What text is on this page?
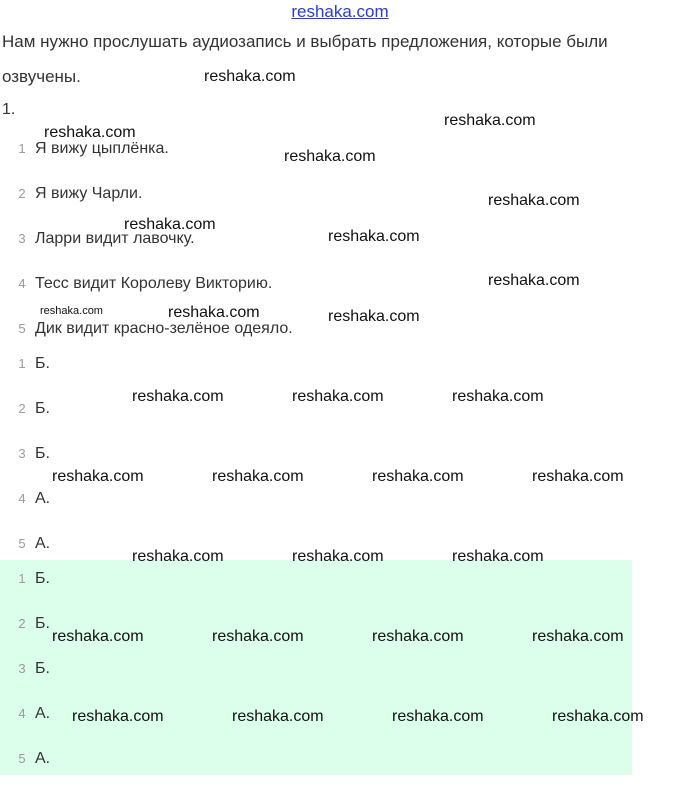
reshaka.com
Нам нужно прослушать аудиозапись и выбрать предложения, которые были озвучены.
1.
1 Я вижу цыплёнка.
2 Я вижу Чарли.
3 Ларри видит лавочку.
4 Тесс видит Королеву Викторию.
5 Дик видит красно-зелёное одеяло.
1 Б.
2 Б.
3 Б.
4 А.
5 А.
1 Б.
2 Б.
3 Б.
4 А.
5 А.
reshaka.com
reshaka.com
reshaka.com
reshaka.com
reshaka.com
reshaka.com
reshaka.com
reshaka.com
reshaka.com	reshaka.com	reshaka.com
reshaka.com	reshaka.com	reshaka.com
reshaka.com	reshaka.com	reshaka.com	reshaka.com
reshaka.com	reshaka.com	reshaka.com
reshaka.com	reshaka.com	reshaka.com	reshaka.com
reshaka.com	reshaka.com	reshaka.com	reshaka.com
